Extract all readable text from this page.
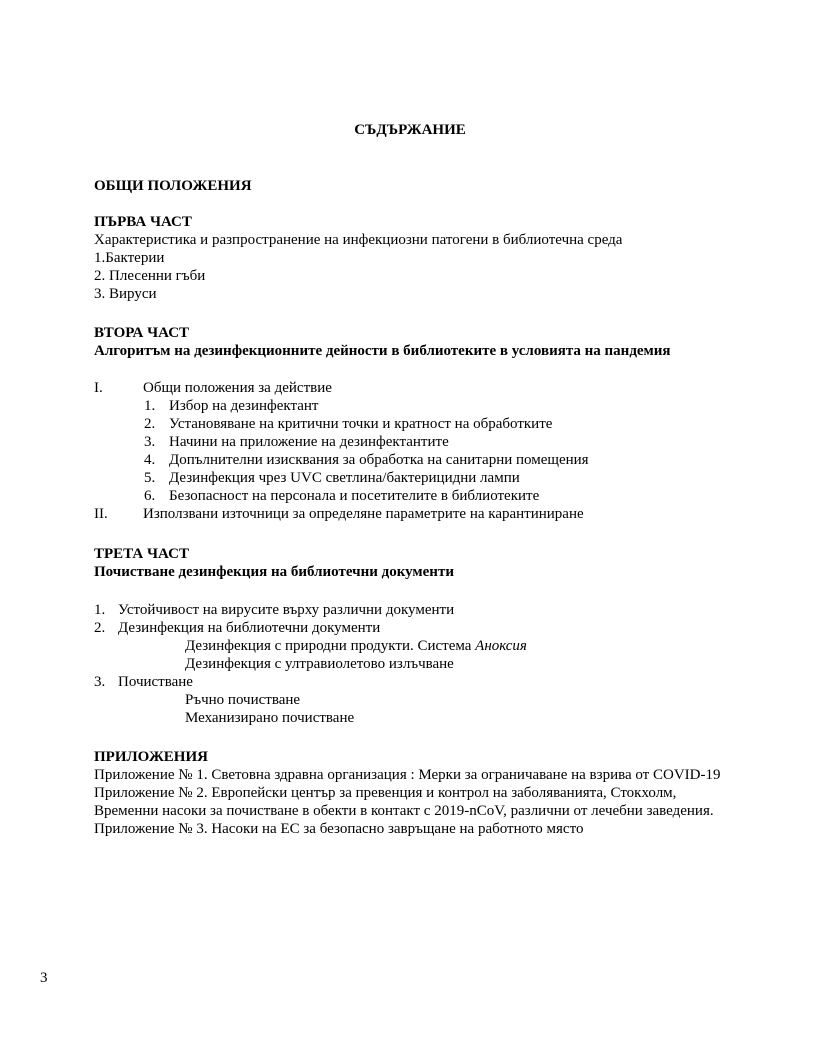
СЪДЪРЖАНИЕ
ОБЩИ ПОЛОЖЕНИЯ
ПЪРВА ЧАСТ
Характеристика и разпространение на инфекциозни патогени в библиотечна среда
1.Бактерии
2. Плесенни гъби
3. Вируси
ВТОРА ЧАСТ
Алгоритъм на дезинфекционните дейности в библиотеките в условията на пандемия
I.	Общи положения за действие
1. Избор на дезинфектант
2. Установяване на критични точки и кратност на обработките
3. Начини на приложение на дезинфектантите
4. Допълнителни изисквания за обработка на санитарни помещения
5. Дезинфекция чрез UVC светлина/бактерицидни лампи
6. Безопасност на персонала и посетителите в библиотеките
II. Използвани източници за определяне параметрите на карантиниране
ТРЕТА ЧАСТ
Почистване дезинфекция на библиотечни документи
1. Устойчивост на вирусите върху различни документи
2. Дезинфекция на библиотечни документи
Дезинфекция с природни продукти. Система Аноксия
Дезинфекция с ултравиолетово излъчване
3. Почистване
Ръчно почистване
Механизирано почистване
ПРИЛОЖЕНИЯ
Приложение № 1. Световна здравна организация : Мерки за ограничаване на взрива от COVID-19
Приложение № 2. Европейски център за превенция и контрол на заболяванията, Стокхолм, Временни насоки за почистване в обекти в контакт с 2019-nCoV, различни от лечебни заведения.
Приложение № 3. Насоки на ЕС за безопасно завръщане на работното място
3
